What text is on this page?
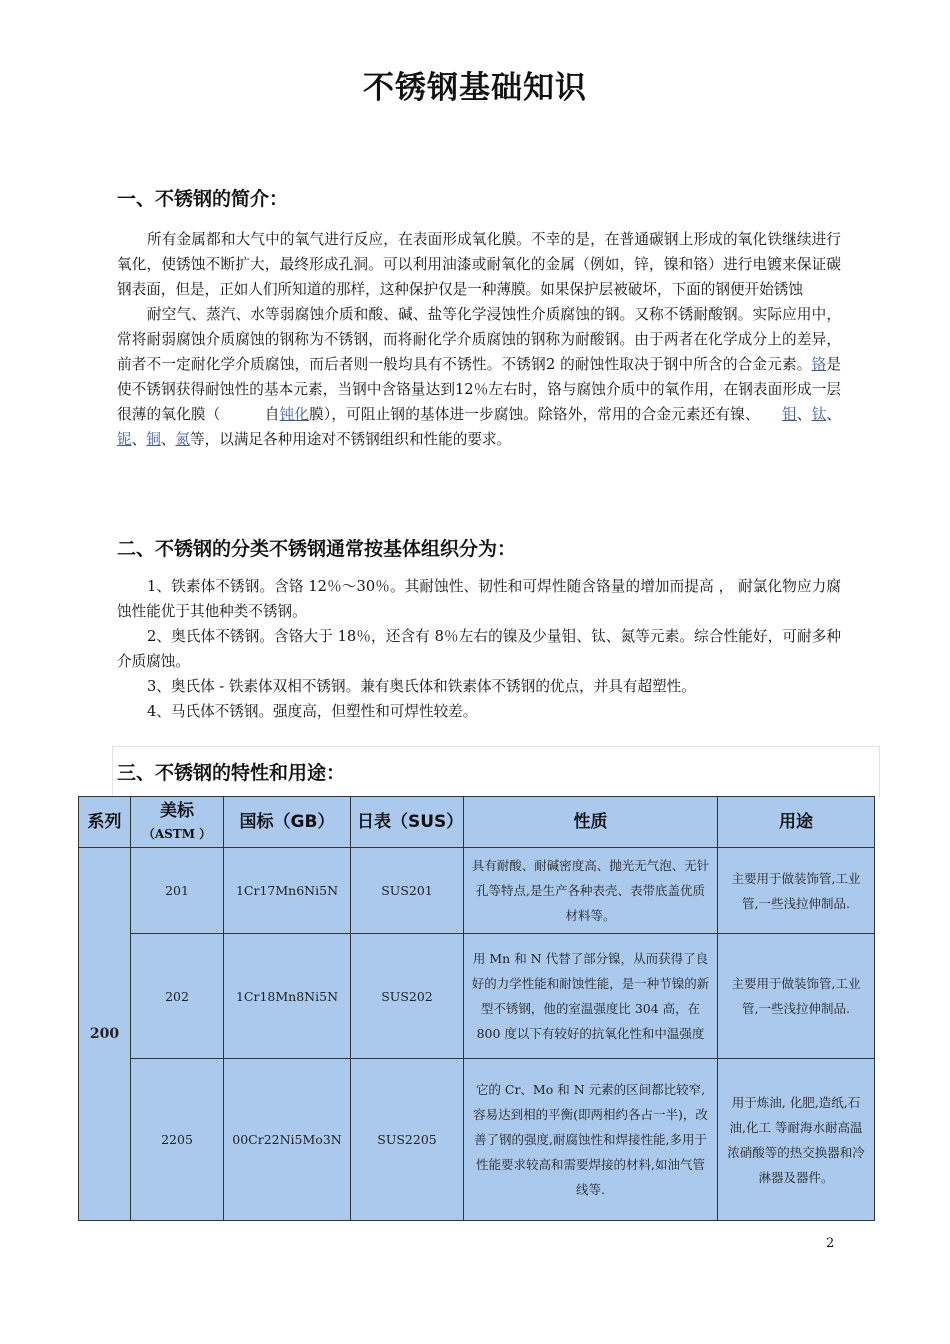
不锈钢基础知识
一、不锈钢的简介：

所有金属都和大气中的氧气进行反应，在表面形成氧化膜。不幸的是，在普通碳钢上形成的氧化铁继续进行氧化，使锈蚀不断扩大，最终形成孔洞。可以利用油漆或耐氧化的金属（例如，锌，镍和铬）进行电镀来保证碳钢表面，但是，正如人们所知道的那样，这种保护仅是一种薄膜。如果保护层被破坏，下面的钢便开始锈蚀

耐空气、蒸汽、水等弱腐蚀介质和酸、碱、盐等化学浸蚀性介质腐蚀的钢。又称不锈耐酸钢。实际应用中，常将耐弱腐蚀介质腐蚀的钢称为不锈钢，而将耐化学介质腐蚀的钢称为耐酸钢。由于两者在化学成分上的差异，前者不一定耐化学介质腐蚀，而后者则一般均具有不锈性。不锈钢2 的耐蚀性取决于钢中所含的合金元素。铬是使不锈钢获得耐蚀性的基本元素，当钢中含铬量达到12％左右时，铬与腐蚀介质中的氧作用，在钢表面形成一层很薄的氧化膜（　　　自钝化膜），可阻止钢的基体进一步腐蚀。除铬外，常用的合金元素还有镍、　　钼、钛、铌、铜、氮等，以满足各种用途对不锈钢组织和性能的要求。

二、不锈钢的分类不锈钢通常按基体组织分为：

1、铁素体不锈钢。含铬 12％～30％。其耐蚀性、韧性和可焊性随含铬量的增加而提高 ， 耐氯化物应力腐蚀性能优于其他种类不锈钢。

2、奥氏体不锈钢。含铬大于 18％，还含有 8％左右的镍及少量钼、钛、氮等元素。综合性能好，可耐多种介质腐蚀。

3、奥氏体 - 铁素体双相不锈钢。兼有奥氏体和铁素体不锈钢的优点，并具有超塑性。

4、马氏体不锈钢。强度高，但塑性和可焊性较差。

三、不锈钢的特性和用途：
系列	美标
（ASTM ）	国标（GB）	日表（SUS）	性质	用途
200	201	1Cr17Mn6Ni5N	SUS201	具有耐酸、耐碱密度高、抛光无气泡、无针孔等特点,是生产各种表壳、表带底盖优质材料等。	主要用于做装饰管,工业管,一些浅拉伸制品.
	202	1Cr18Mn8Ni5N	SUS202	用 Mn 和 N 代替了部分镍，从而获得了良好的力学性能和耐蚀性能，是一种节镍的新型不锈钢，他的室温强度比 304 高，在 800 度以下有较好的抗氧化性和中温强度	主要用于做装饰管,工业管,一些浅拉伸制品.
	2205	00Cr22Ni5Mo3N	SUS2205	它的 Cr、Mo 和 N 元素的区间都比较窄,容易达到相的平衡(即两相约各占一半)，改善了钢的强度,耐腐蚀性和焊接性能,多用于性能要求较高和需要焊接的材料,如油气管线等.	用于炼油, 化肥,造纸,石油,化工 等耐海水耐高温浓硝酸等的热交换器和冷淋器及器件。
2
